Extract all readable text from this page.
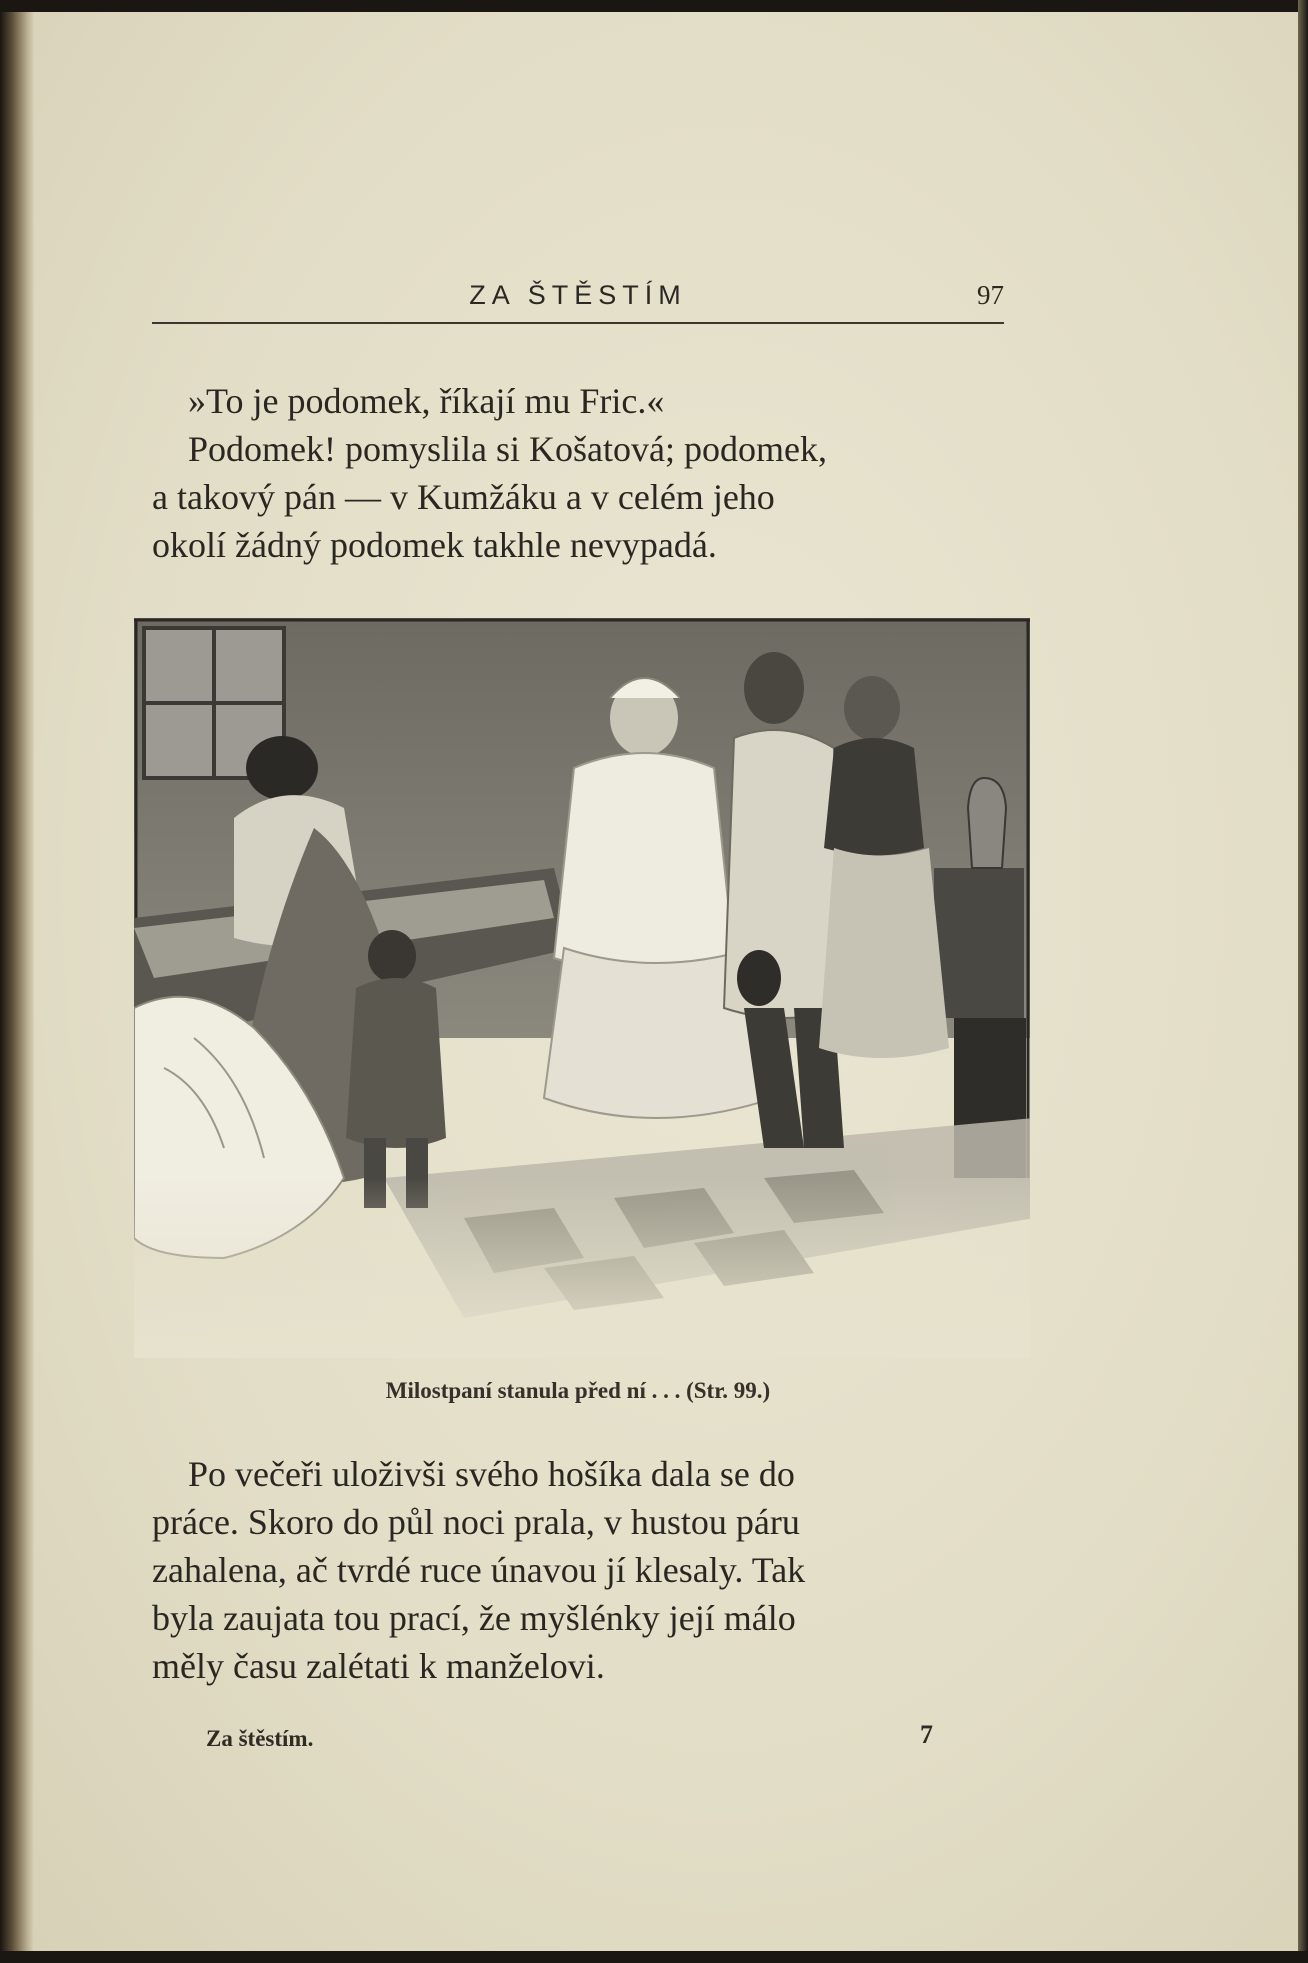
ZA ŠTĚSTÍM	97
»To je podomek, říkají mu Fric.«
Podomek! pomyslila si Košatová; podomek,
a takový pán — v Kumžáku a v celém jeho
okolí žádný podomek takhle nevypadá.
Milostpaní stanula před ní . . . (Str. 99.)
Po večeři uloživši svého hošíka dala se do
práce. Skoro do půl noci prala, v hustou páru
zahalena, ač tvrdé ruce únavou jí klesaly. Tak
byla zaujata tou prací, že myšlénky její málo
měly času zalétati k manželovi.
Za štěstím.	7
